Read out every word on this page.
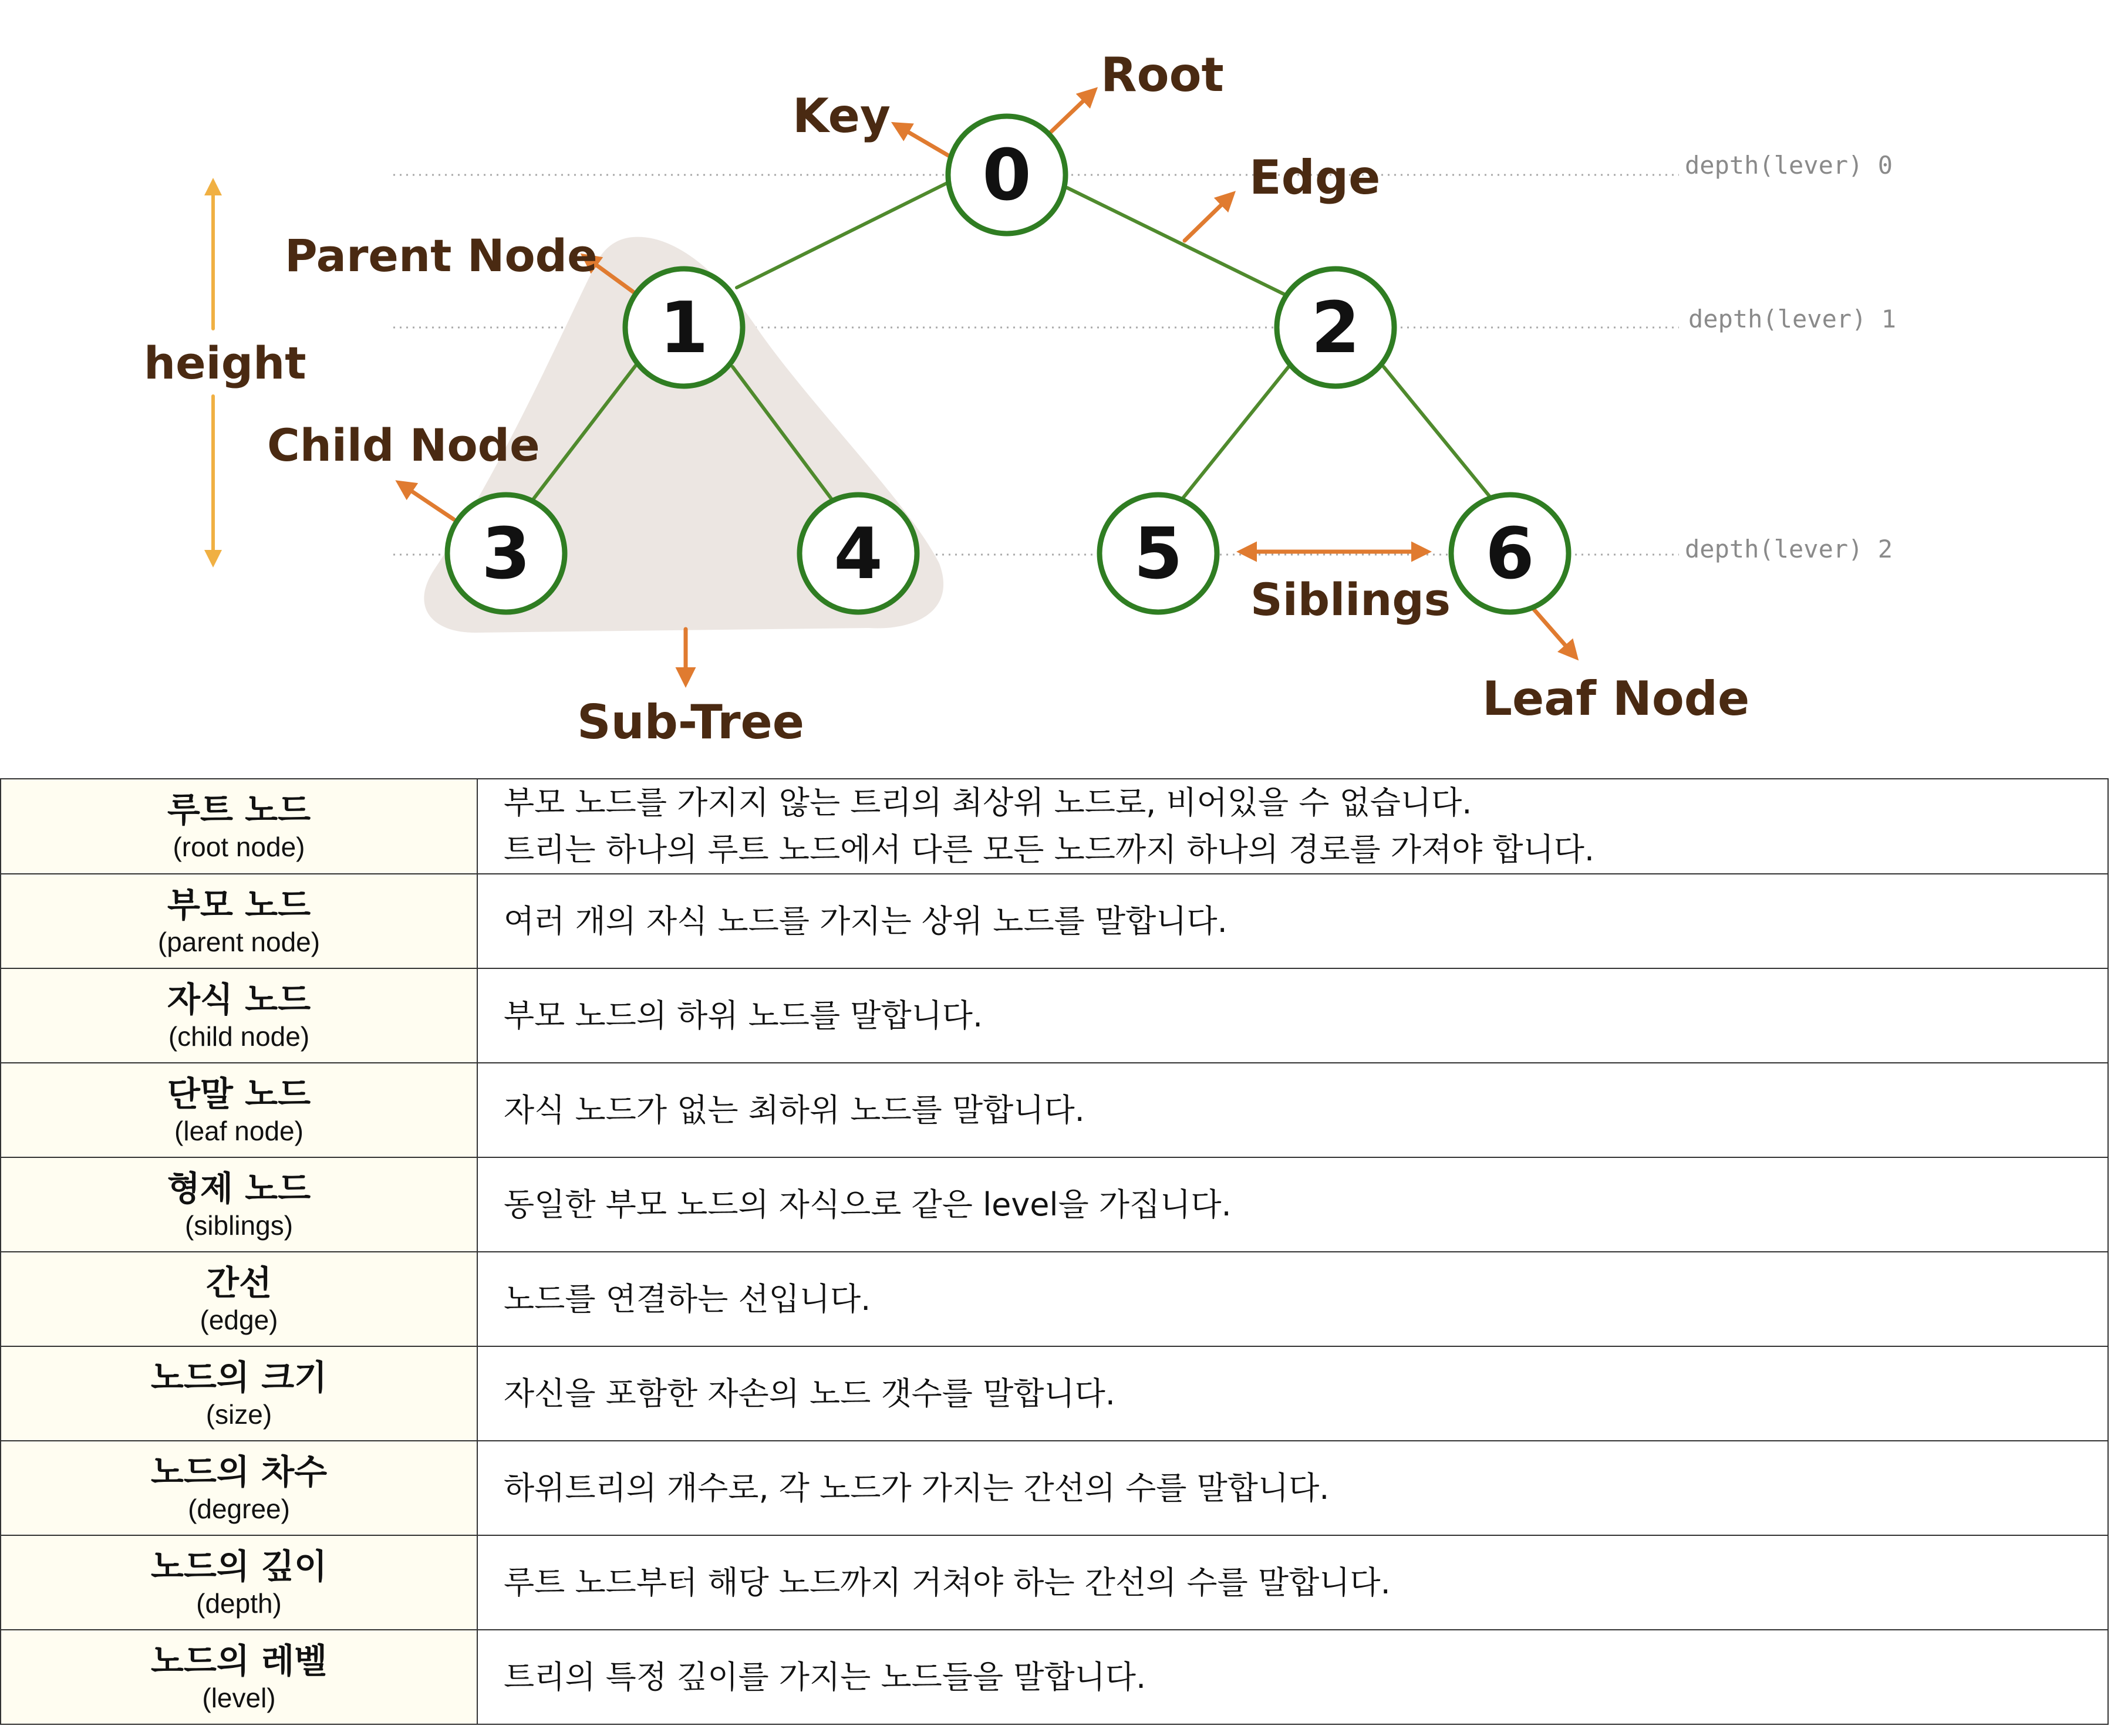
depth(lever) 0
depth(lever) 1
depth(lever) 2
0
1	2
3	4	5	6
Root
Key
Edge
Parent Node
height
Child Node
Siblings
Sub-Tree	Leaf Node
루트 노드
(root node)	부모 노드를 가지지 않는 트리의 최상위 노드로, 비어있을 수 없습니다.
트리는 하나의 루트 노드에서 다른 모든 노드까지 하나의 경로를 가져야 합니다.

부모 노드
(parent node)	여러 개의 자식 노드를 가지는 상위 노드를 말합니다.

자식 노드
(child node)	부모 노드의 하위 노드를 말합니다.

단말 노드
(leaf node)	자식 노드가 없는 최하위 노드를 말합니다.

형제 노드
(siblings)	동일한 부모 노드의 자식으로 같은 level을 가집니다.

간선
(edge)	노드를 연결하는 선입니다.

노드의 크기
(size)	자신을 포함한 자손의 노드 갯수를 말합니다.

노드의 차수
(degree)	하위트리의 개수로, 각 노드가 가지는 간선의 수를 말합니다.

노드의 깊이
(depth)	루트 노드부터 해당 노드까지 거쳐야 하는 간선의 수를 말합니다.

노드의 레벨
(level)	트리의 특정 깊이를 가지는 노드들을 말합니다.
